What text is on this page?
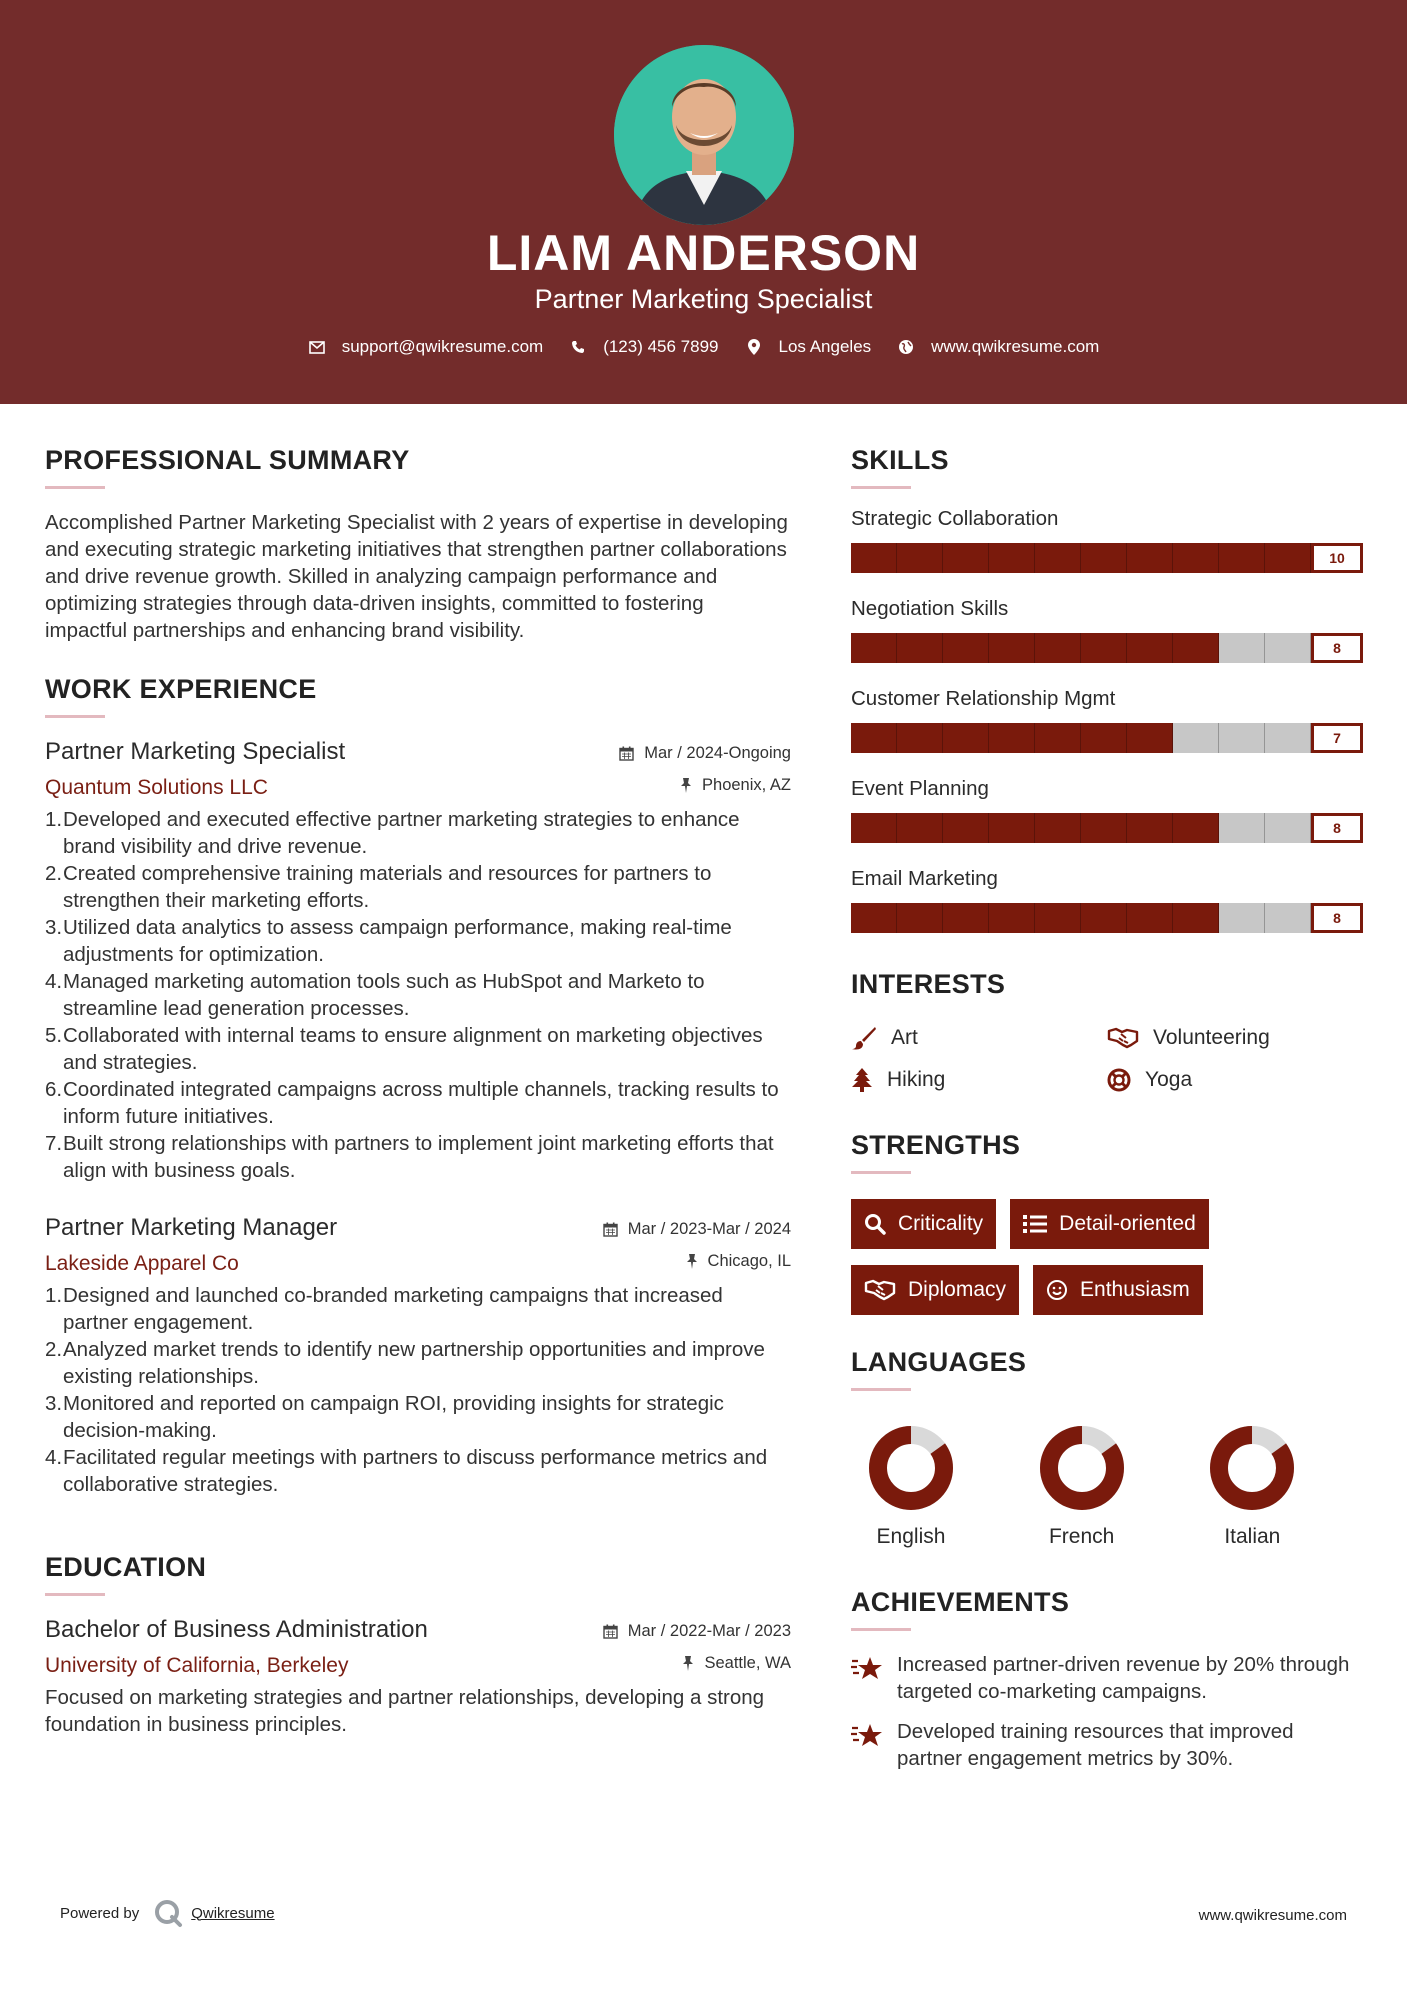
LIAM ANDERSON
Partner Marketing Specialist
support@qwikresume.com	(123) 456 7899	Los Angeles	www.qwikresume.com
PROFESSIONAL SUMMARY
Accomplished Partner Marketing Specialist with 2 years of expertise in developing and executing strategic marketing initiatives that strengthen partner collaborations and drive revenue growth. Skilled in analyzing campaign performance and optimizing strategies through data-driven insights, committed to fostering impactful partnerships and enhancing brand visibility.
WORK EXPERIENCE
Partner Marketing Specialist
Quantum Solutions LLC
Mar / 2024-Ongoing
Phoenix, AZ
Developed and executed effective partner marketing strategies to enhance brand visibility and drive revenue.
Created comprehensive training materials and resources for partners to strengthen their marketing efforts.
Utilized data analytics to assess campaign performance, making real-time adjustments for optimization.
Managed marketing automation tools such as HubSpot and Marketo to streamline lead generation processes.
Collaborated with internal teams to ensure alignment on marketing objectives and strategies.
Coordinated integrated campaigns across multiple channels, tracking results to inform future initiatives.
Built strong relationships with partners to implement joint marketing efforts that align with business goals.
Partner Marketing Manager
Lakeside Apparel Co
Mar / 2023-Mar / 2024
Chicago, IL
Designed and launched co-branded marketing campaigns that increased partner engagement.
Analyzed market trends to identify new partnership opportunities and improve existing relationships.
Monitored and reported on campaign ROI, providing insights for strategic decision-making.
Facilitated regular meetings with partners to discuss performance metrics and collaborative strategies.
EDUCATION
Bachelor of Business Administration
University of California, Berkeley
Mar / 2022-Mar / 2023
Seattle, WA
Focused on marketing strategies and partner relationships, developing a strong foundation in business principles.
SKILLS
Strategic Collaboration
10
Negotiation Skills
8
Customer Relationship Mgmt
7
Event Planning
8
Email Marketing
8
INTERESTS
Art	Volunteering
Hiking	Yoga
STRENGTHS
Criticality	Detail-oriented
Diplomacy	Enthusiasm
LANGUAGES
English	French	Italian
ACHIEVEMENTS
Increased partner-driven revenue by 20% through targeted co-marketing campaigns.
Developed training resources that improved partner engagement metrics by 30%.
Powered by	Qwikresume	www.qwikresume.com
